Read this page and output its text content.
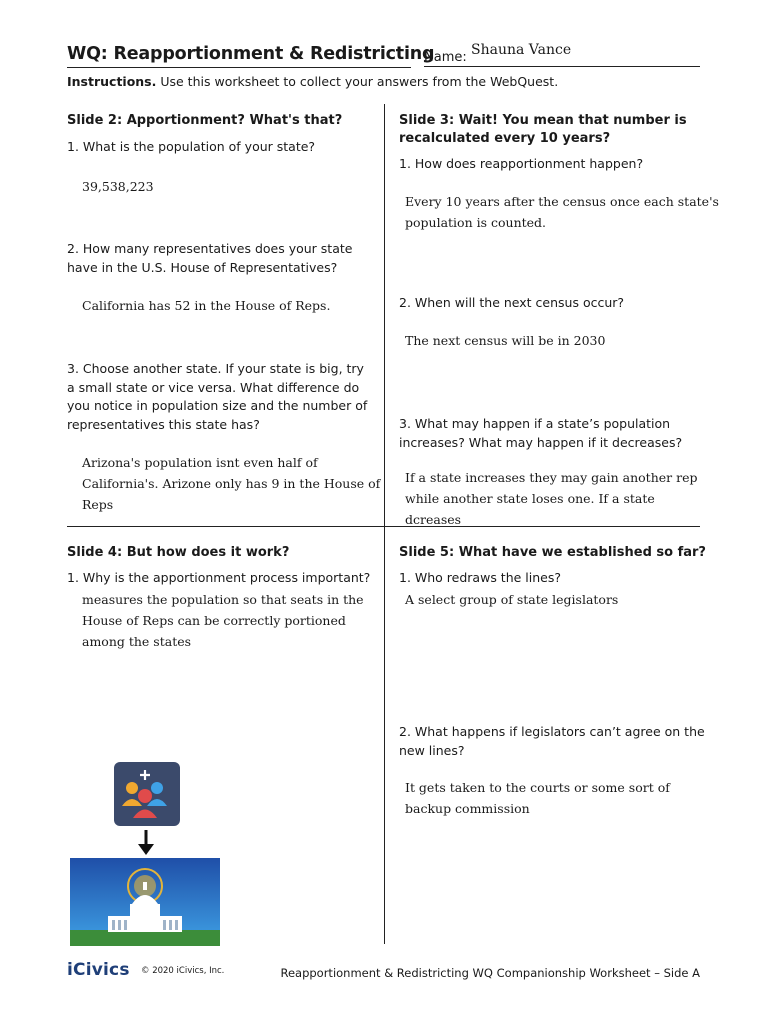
WQ: Reapportionment & Redistricting
Name: Shauna Vance
Instructions. Use this worksheet to collect your answers from the WebQuest.
Slide 2: Apportionment? What's that?
1. What is the population of your state?
39,538,223
2. How many representatives does your state
have in the U.S. House of Representatives?
California has 52 in the House of Reps.
3. Choose another state. If your state is big, try
a small state or vice versa. What difference do
you notice in population size and the number of
representatives this state has?
Arizona's population isnt even half of
California's. Arizone only has 9 in the House of
Reps
Slide 3: Wait! You mean that number is
recalculated every 10 years?
1. How does reapportionment happen?
Every 10 years after the census once each state's
population is counted.
2. When will the next census occur?
The next census will be in 2030
3. What may happen if a state’s population
increases? What may happen if it decreases?
If a state increases they may gain another rep
while another state loses one. If a state dcreases
Slide 4: But how does it work?
1. Why is the apportionment process important?
measures the population so that seats in the
House of Reps can be correctly portioned
among the states
Slide 5: What have we established so far?
1. Who redraws the lines?
A select group of state legislators
2. What happens if legislators can’t agree on the
new lines?
It gets taken to the courts or some sort of
backup commission
iCivics © 2020 iCivics, Inc.	Reapportionment & Redistricting WQ Companionship Worksheet – Side A
